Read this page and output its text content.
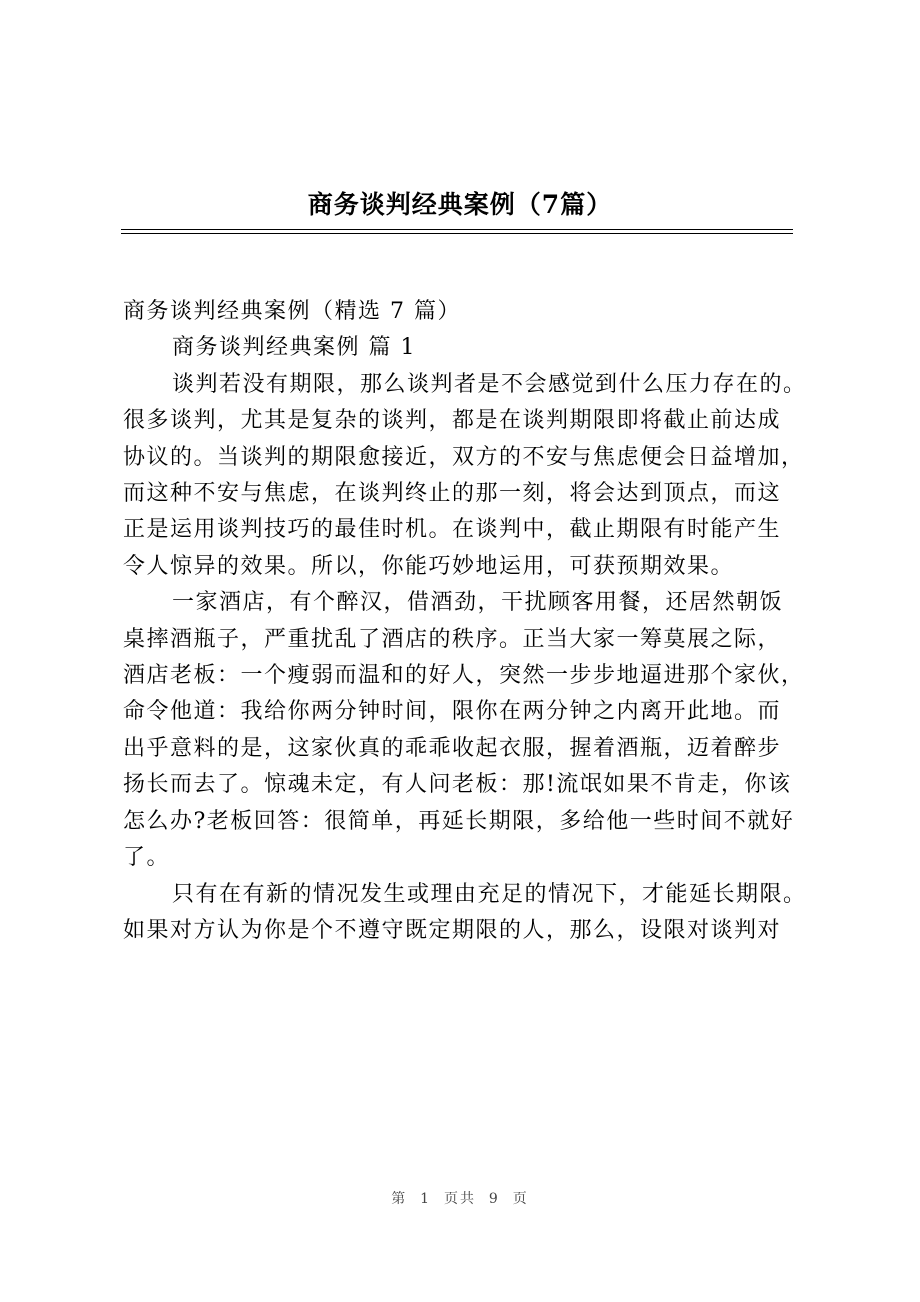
商务谈判经典案例（7篇）

商务谈判经典案例（精选 7 篇）

商务谈判经典案例 篇 1

谈判若没有期限，那么谈判者是不会感觉到什么压力存在的。

很多谈判，尤其是复杂的谈判，都是在谈判期限即将截止前达成

协议的。当谈判的期限愈接近，双方的不安与焦虑便会日益增加，

而这种不安与焦虑，在谈判终止的那一刻，将会达到顶点，而这

正是运用谈判技巧的最佳时机。在谈判中，截止期限有时能产生

令人惊异的效果。所以，你能巧妙地运用，可获预期效果。

一家酒店，有个醉汉，借酒劲，干扰顾客用餐，还居然朝饭

桌摔酒瓶子，严重扰乱了酒店的秩序。正当大家一筹莫展之际，

酒店老板：一个瘦弱而温和的好人，突然一步步地逼进那个家伙，

命令他道：我给你两分钟时间，限你在两分钟之内离开此地。而

出乎意料的是，这家伙真的乖乖收起衣服，握着酒瓶，迈着醉步

扬长而去了。惊魂未定，有人问老板：那!流氓如果不肯走，你该

怎么办?老板回答：很简单，再延长期限，多给他一些时间不就好

了。

只有在有新的情况发生或理由充足的情况下，才能延长期限。

如果对方认为你是个不遵守既定期限的人，那么，设限对谈判对

第  1  页共  9  页
